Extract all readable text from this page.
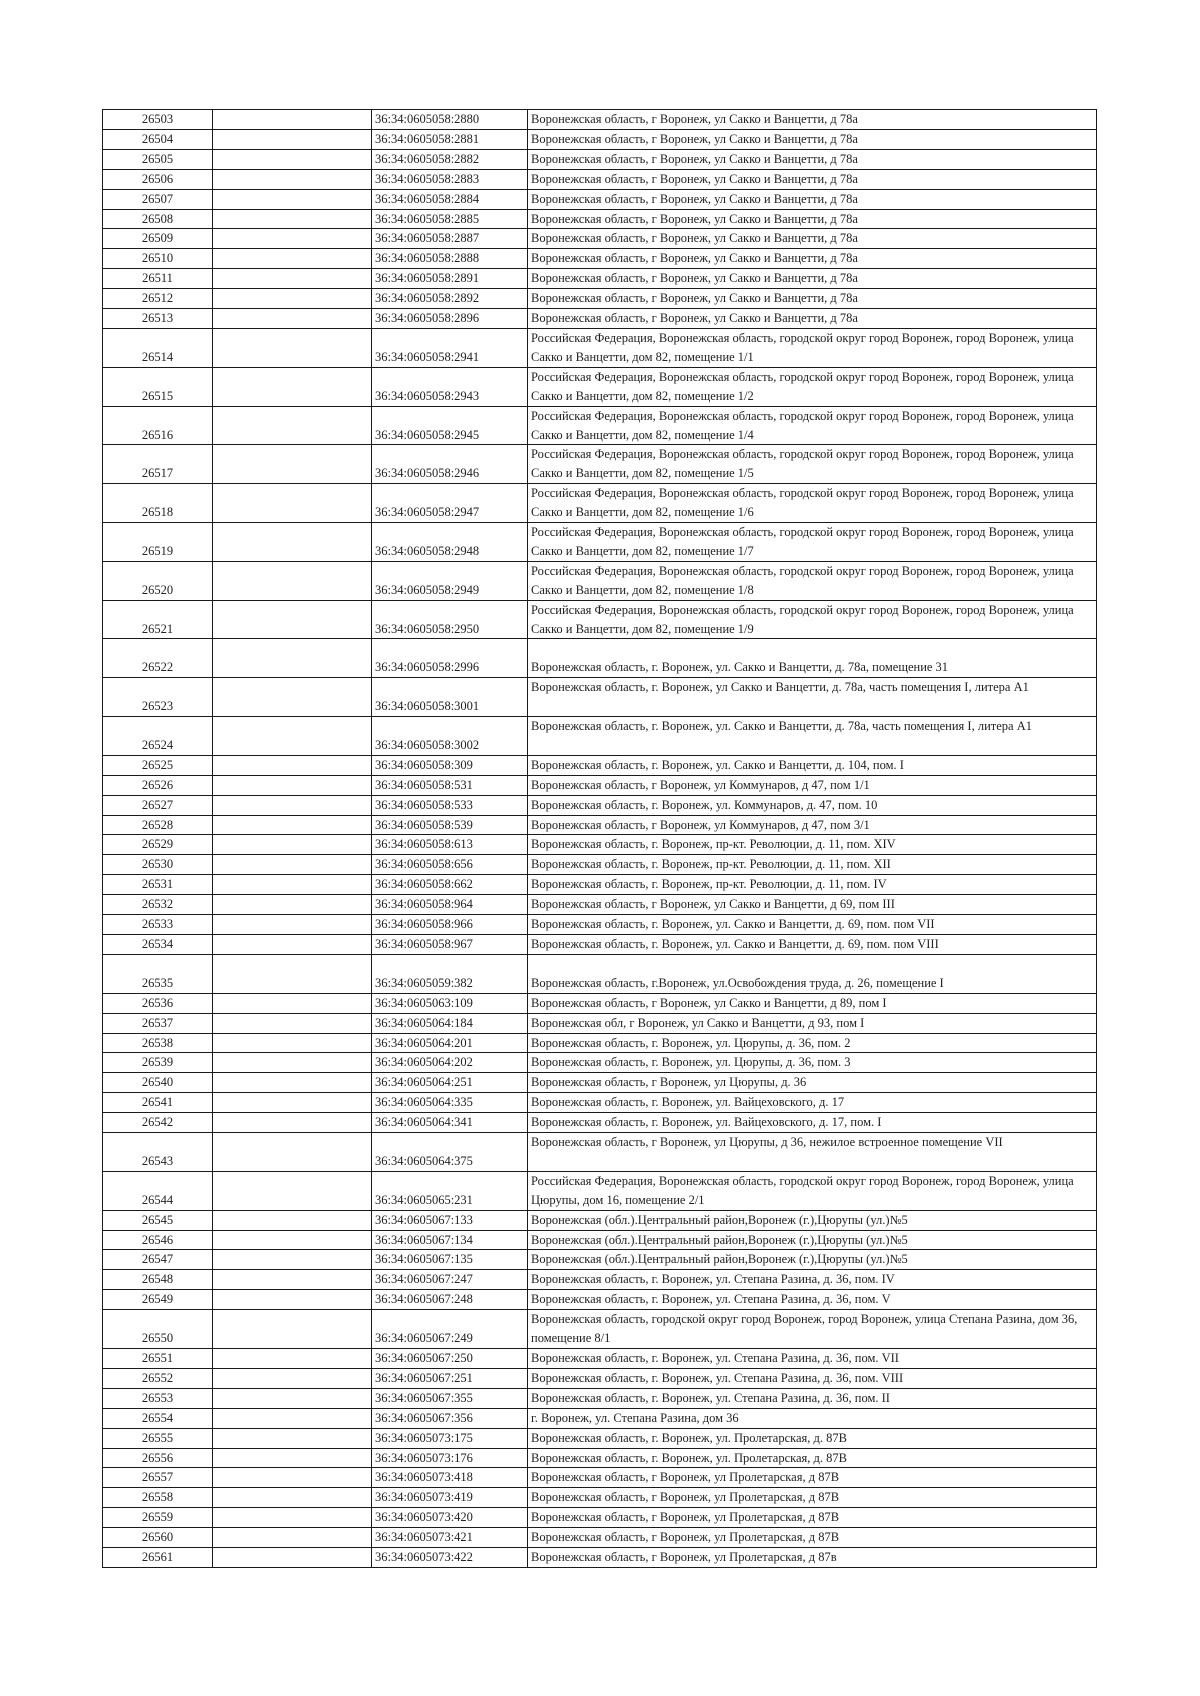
26503		36:34:0605058:2880	Воронежская область, г Воронеж, ул Сакко и Ванцетти, д 78а
26504		36:34:0605058:2881	Воронежская область, г Воронеж, ул Сакко и Ванцетти, д 78а
26505		36:34:0605058:2882	Воронежская область, г Воронеж, ул Сакко и Ванцетти, д 78а
26506		36:34:0605058:2883	Воронежская область, г Воронеж, ул Сакко и Ванцетти, д 78а
26507		36:34:0605058:2884	Воронежская область, г Воронеж, ул Сакко и Ванцетти, д 78а
26508		36:34:0605058:2885	Воронежская область, г Воронеж, ул Сакко и Ванцетти, д 78а
26509		36:34:0605058:2887	Воронежская область, г Воронеж, ул Сакко и Ванцетти, д 78а
26510		36:34:0605058:2888	Воронежская область, г Воронеж, ул Сакко и Ванцетти, д 78а
26511		36:34:0605058:2891	Воронежская область, г Воронеж, ул Сакко и Ванцетти, д 78а
26512		36:34:0605058:2892	Воронежская область, г Воронеж, ул Сакко и Ванцетти, д 78а
26513		36:34:0605058:2896	Воронежская область, г Воронеж, ул Сакко и Ванцетти, д 78а
26514		36:34:0605058:2941	Российская Федерация, Воронежская область, городской округ город Воронеж, город Воронеж, улица Сакко и Ванцетти, дом 82, помещение 1/1
26515		36:34:0605058:2943	Российская Федерация, Воронежская область, городской округ город Воронеж, город Воронеж, улица Сакко и Ванцетти, дом 82, помещение 1/2
26516		36:34:0605058:2945	Российская Федерация, Воронежская область, городской округ город Воронеж, город Воронеж, улица Сакко и Ванцетти, дом 82, помещение 1/4
26517		36:34:0605058:2946	Российская Федерация, Воронежская область, городской округ город Воронеж, город Воронеж, улица Сакко и Ванцетти, дом 82, помещение 1/5
26518		36:34:0605058:2947	Российская Федерация, Воронежская область, городской округ город Воронеж, город Воронеж, улица Сакко и Ванцетти, дом 82, помещение 1/6
26519		36:34:0605058:2948	Российская Федерация, Воронежская область, городской округ город Воронеж, город Воронеж, улица Сакко и Ванцетти, дом 82, помещение 1/7
26520		36:34:0605058:2949	Российская Федерация, Воронежская область, городской округ город Воронеж, город Воронеж, улица Сакко и Ванцетти, дом 82, помещение 1/8
26521		36:34:0605058:2950	Российская Федерация, Воронежская область, городской округ город Воронеж, город Воронеж, улица Сакко и Ванцетти, дом 82, помещение 1/9
26522		36:34:0605058:2996	Воронежская область, г. Воронеж, ул. Сакко и Ванцетти, д. 78а, помещение 31
26523		36:34:0605058:3001	Воронежская область, г. Воронеж, ул Сакко и Ванцетти, д. 78а, часть помещения I, литера А1
26524		36:34:0605058:3002	Воронежская область, г. Воронеж, ул. Сакко и Ванцетти, д. 78а, часть помещения I, литера А1
26525		36:34:0605058:309	Воронежская область, г. Воронеж, ул. Сакко и Ванцетти, д. 104, пом. I
26526		36:34:0605058:531	Воронежская область, г Воронеж, ул Коммунаров, д 47, пом 1/1
26527		36:34:0605058:533	Воронежская область, г. Воронеж, ул. Коммунаров, д. 47, пом. 10
26528		36:34:0605058:539	Воронежская область, г Воронеж, ул Коммунаров, д 47, пом 3/1
26529		36:34:0605058:613	Воронежская область, г. Воронеж, пр-кт. Революции, д. 11, пом. XIV
26530		36:34:0605058:656	Воронежская область, г. Воронеж, пр-кт. Революции, д. 11, пом. XII
26531		36:34:0605058:662	Воронежская область, г. Воронеж, пр-кт. Революции, д. 11, пом. IV
26532		36:34:0605058:964	Воронежская область, г Воронеж, ул Сакко и Ванцетти, д 69, пом III
26533		36:34:0605058:966	Воронежская область, г. Воронеж, ул. Сакко и Ванцетти, д. 69, пом. пом VII
26534		36:34:0605058:967	Воронежская область, г. Воронеж, ул. Сакко и Ванцетти, д. 69, пом. пом VIII
26535		36:34:0605059:382	Воронежская область, г.Воронеж, ул.Освобождения труда, д. 26, помещение I
26536		36:34:0605063:109	Воронежская область, г Воронеж, ул Сакко и Ванцетти, д 89, пом I
26537		36:34:0605064:184	Воронежская обл, г Воронеж, ул Сакко и Ванцетти, д 93, пом I
26538		36:34:0605064:201	Воронежская область, г. Воронеж, ул. Цюрупы, д. 36, пом. 2
26539		36:34:0605064:202	Воронежская область, г. Воронеж, ул. Цюрупы, д. 36, пом. 3
26540		36:34:0605064:251	Воронежская область, г Воронеж, ул Цюрупы, д. 36
26541		36:34:0605064:335	Воронежская область, г. Воронеж, ул. Вайцеховского, д. 17
26542		36:34:0605064:341	Воронежская область, г. Воронеж, ул. Вайцеховского, д. 17, пом. I
26543		36:34:0605064:375	Воронежская область, г Воронеж, ул Цюрупы, д 36, нежилое встроенное помещение VII
26544		36:34:0605065:231	Российская Федерация, Воронежская область, городской округ город Воронеж, город Воронеж, улица Цюрупы, дом 16, помещение 2/1
26545		36:34:0605067:133	Воронежская (обл.).Центральный район,Воронеж (г.),Цюрупы (ул.)№5
26546		36:34:0605067:134	Воронежская (обл.).Центральный район,Воронеж (г.),Цюрупы (ул.)№5
26547		36:34:0605067:135	Воронежская (обл.).Центральный район,Воронеж (г.),Цюрупы (ул.)№5
26548		36:34:0605067:247	Воронежская область, г. Воронеж, ул. Степана Разина, д. 36, пом. IV
26549		36:34:0605067:248	Воронежская область, г. Воронеж, ул. Степана Разина, д. 36, пом. V
26550		36:34:0605067:249	Воронежская область, городской округ город Воронеж, город Воронеж, улица Степана Разина, дом 36, помещение 8/1
26551		36:34:0605067:250	Воронежская область, г. Воронеж, ул. Степана Разина, д. 36, пом. VII
26552		36:34:0605067:251	Воронежская область, г. Воронеж, ул. Степана Разина, д. 36, пом. VIII
26553		36:34:0605067:355	Воронежская область, г. Воронеж, ул. Степана Разина, д. 36, пом. II
26554		36:34:0605067:356	г. Воронеж, ул. Степана Разина, дом 36
26555		36:34:0605073:175	Воронежская область, г. Воронеж, ул. Пролетарская, д. 87В
26556		36:34:0605073:176	Воронежская область, г. Воронеж, ул. Пролетарская, д. 87В
26557		36:34:0605073:418	Воронежская область, г Воронеж, ул Пролетарская, д 87В
26558		36:34:0605073:419	Воронежская область, г Воронеж, ул Пролетарская, д 87В
26559		36:34:0605073:420	Воронежская область, г Воронеж, ул Пролетарская, д 87В
26560		36:34:0605073:421	Воронежская область, г Воронеж, ул Пролетарская, д 87В
26561		36:34:0605073:422	Воронежская область, г Воронеж, ул Пролетарская, д 87в
